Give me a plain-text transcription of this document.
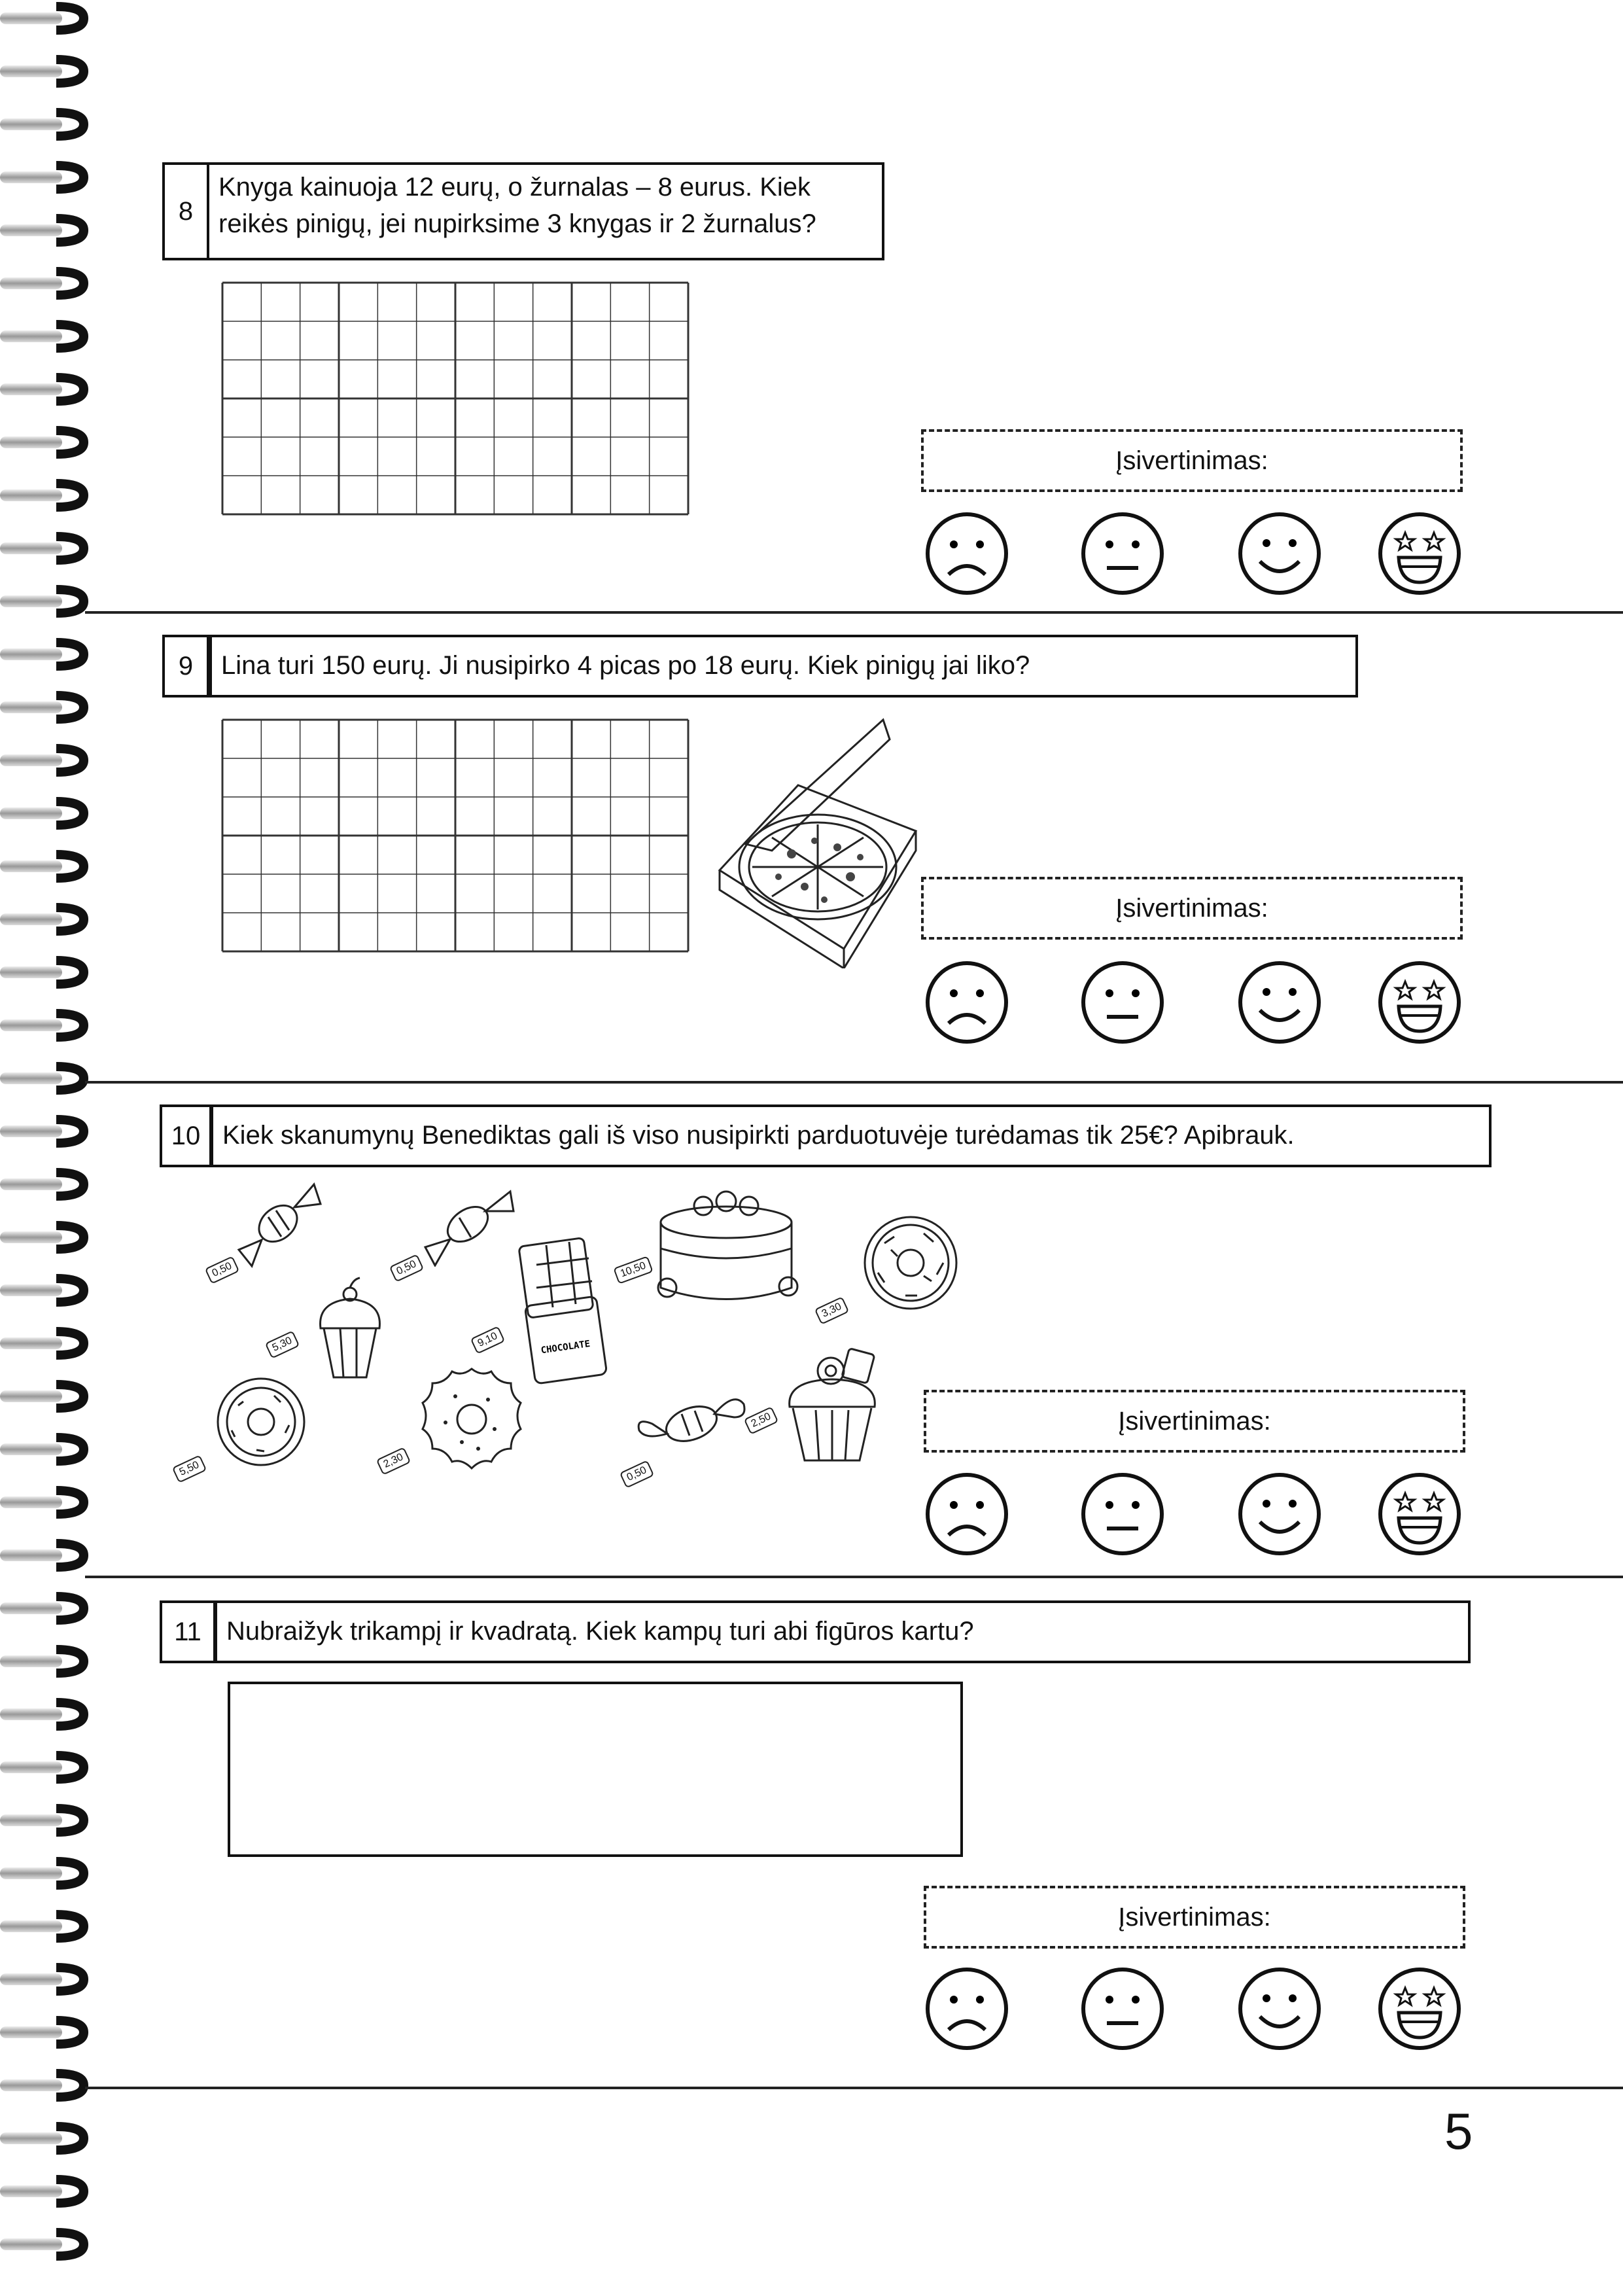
8
Knyga kainuoja 12 eurų, o žurnalas – 8 eurus. Kiek
reikės pinigų, jei nupirksime 3 knygas ir 2 žurnalus?
Įsivertinimas:
9	Lina turi 150 eurų. Ji nusipirko 4 picas po 18 eurų. Kiek pinigų jai liko?
Įsivertinimas:
10 Kiek skanumynų Benediktas gali iš viso nusipirkti parduotuvėje turėdamas tik 25€? Apibrauk.
0,50	0,50
5,30	CHOCOLATE
9,10
10,50
3,30
5,50	2,30
0,50
2,50	Įsivertinimas:
11 Nubraižyk trikampį ir kvadratą. Kiek kampų turi abi figūros kartu?
Įsivertinimas:
5
